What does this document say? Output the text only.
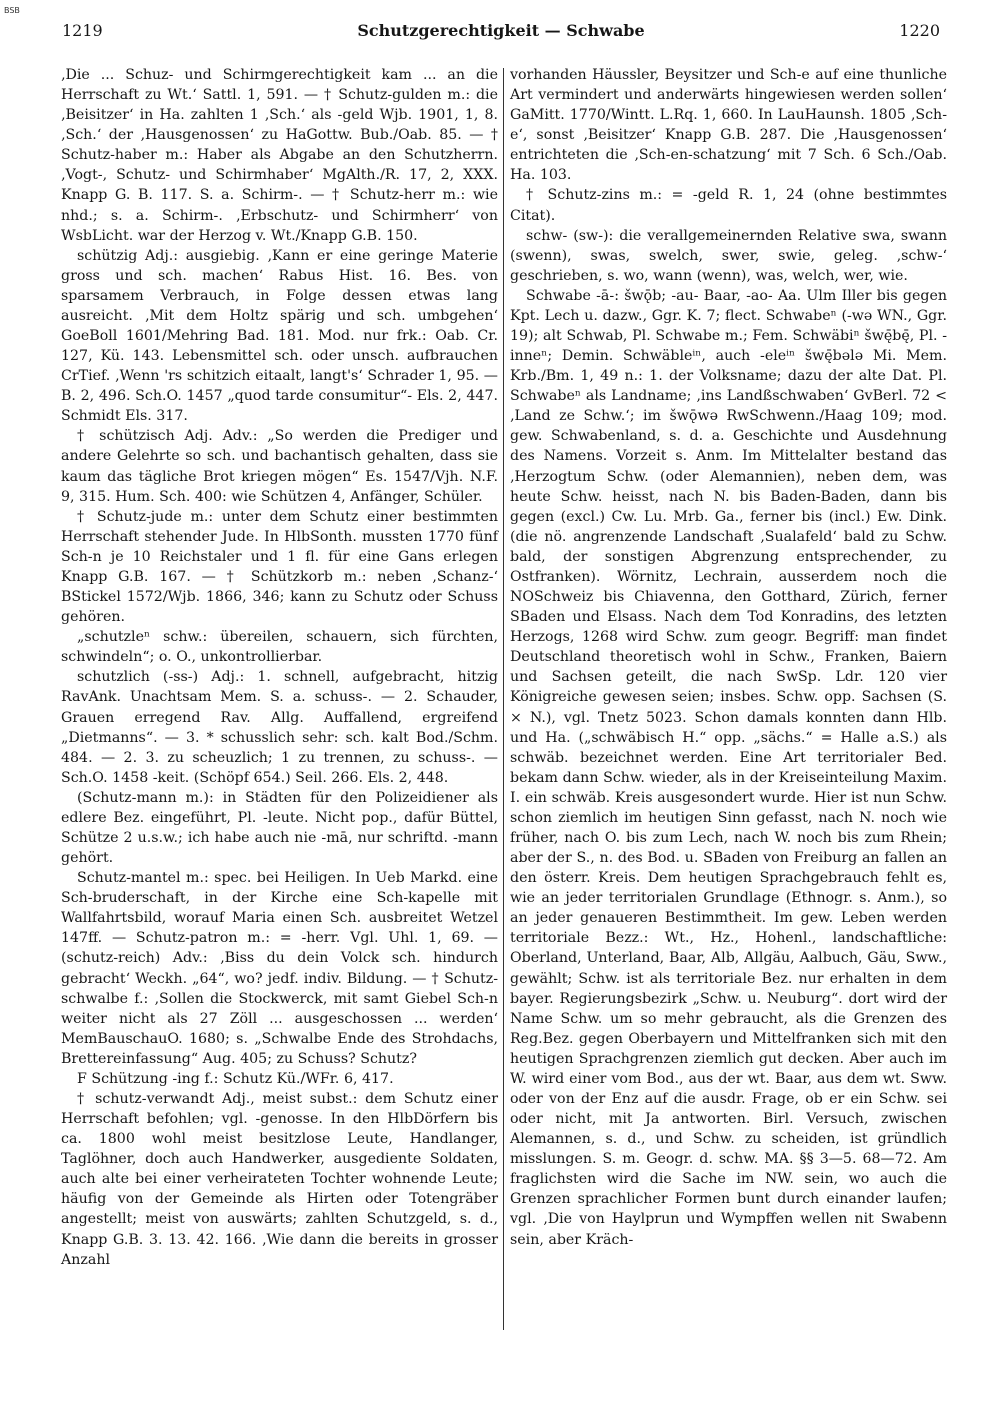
BSB
1219	Schutzgerechtigkeit — Schwabe	1220

‚Die ... Schuz- und Schirmgerechtigkeit kam ... an die Herrschaft zu Wt.‘ Sattl. 1, 591. — † Schutz-gulden m.: die ‚Beisitzer‘ in Ha. zahlten 1 ‚Sch.‘ als -geld Wjb. 1901, 1, 8. ‚Sch.‘ der ‚Hausgenossen‘ zu HaGottw. Bub./Oab. 85. — † Schutz-haber m.: Haber als Abgabe an den Schutzherrn. ‚Vogt-, Schutz- und Schirmhaber‘ MgAlth./R. 17, 2, XXX. Knapp G. B. 117. S. a. Schirm-. — † Schutz-herr m.: wie nhd.; s. a. Schirm-. ‚Erbschutz- und Schirmherr‘ von WsbLicht. war der Herzog v. Wt./Knapp G.B. 150.

schützig Adj.: ausgiebig. ‚Kann er eine geringe Materie gross und sch. machen‘ Rabus Hist. 16. Bes. von sparsamem Verbrauch, in Folge dessen etwas lang ausreicht. ‚Mit dem Holtz spärig und sch. umbgehen‘ GoeBoll 1601/Mehring Bad. 181. Mod. nur frk.: Oab. Cr. 127, Kü. 143. Lebensmittel sch. oder unsch. aufbrauchen CrTief. ‚Wenn 'rs schitzich eitaalt, langt's‘ Schrader 1, 95. — B. 2, 496. Sch.O. 1457 „quod tarde consumitur“- Els. 2, 447. Schmidt Els. 317.

† schützisch Adj. Adv.: „So werden die Prediger und andere Gelehrte so sch. und bachantisch gehalten, dass sie kaum das tägliche Brot kriegen mögen“ Es. 1547/Vjh. N.F. 9, 315. Hum. Sch. 400: wie Schützen 4, Anfänger, Schüler.

† Schutz-jude m.: unter dem Schutz einer bestimmten Herrschaft stehender Jude. In HlbSonth. mussten 1770 fünf Sch-n je 10 Reichstaler und 1 fl. für eine Gans erlegen Knapp G.B. 167. — † Schützkorb m.: neben ‚Schanz-‘ BStickel 1572/Wjb. 1866, 346; kann zu Schutz oder Schuss gehören.

„schutzleⁿ schw.: übereilen, schauern, sich fürchten, schwindeln“; o. O., unkontrollierbar.

schutzlich (-ss-) Adj.: 1. schnell, aufgebracht, hitzig RavAnk. Unachtsam Mem. S. a. schuss-. — 2. Schauder, Grauen erregend Rav. Allg. Auffallend, ergreifend „Dietmanns“. — 3. * schusslich sehr: sch. kalt Bod./Schm. 484. — 2. 3. zu scheuzlich; 1 zu trennen, zu schuss-. — Sch.O. 1458 -keit. (Schöpf 654.) Seil. 266. Els. 2, 448.

(Schutz-mann m.): in Städten für den Polizeidiener als edlere Bez. eingeführt, Pl. -leute. Nicht pop., dafür Büttel, Schütze 2 u.s.w.; ich habe auch nie -mā, nur schriftd. -mann gehört.

Schutz-mantel m.: spec. bei Heiligen. In Ueb Markd. eine Sch-bruderschaft, in der Kirche eine Sch-kapelle mit Wallfahrtsbild, worauf Maria einen Sch. ausbreitet Wetzel 147ff. — Schutz-patron m.: = -herr. Vgl. Uhl. 1, 69. — (schutz-reich) Adv.: ‚Biss du dein Volck sch. hindurch gebracht‘ Weckh. „64“, wo? jedf. indiv. Bildung. — † Schutz-schwalbe f.: ‚Sollen die Stockwerck, mit samt Giebel Sch-n weiter nicht als 27 Zöll ... ausgeschossen ... werden‘ MemBauschauO. 1680; s. „Schwalbe Ende des Strohdachs, Brettereinfassung“ Aug. 405; zu Schuss? Schutz?

F Schützung -ing f.: Schutz Kü./WFr. 6, 417.

† schutz-verwandt Adj., meist subst.: dem Schutz einer Herrschaft befohlen; vgl. -genosse. In den HlbDörfern bis ca. 1800 wohl meist besitzlose Leute, Handlanger, Taglöhner, doch auch Handwerker, ausgediente Soldaten, auch alte bei einer verheirateten Tochter wohnende Leute; häufig von der Gemeinde als Hirten oder Totengräber angestellt; meist von auswärts; zahlten Schutzgeld, s. d., Knapp G.B. 3. 13. 42. 166. ‚Wie dann die bereits in grosser Anzahl

vorhanden Häussler, Beysitzer und Sch-e auf eine thunliche Art vermindert und anderwärts hingewiesen werden sollen‘ GaMitt. 1770/Wintt. L.Rq. 1, 660. In LauHaunsh. 1805 ‚Sch-e‘, sonst ‚Beisitzer‘ Knapp G.B. 287. Die ‚Hausgenossen‘ entrichteten die ‚Sch-en-schatzung‘ mit 7 Sch. 6 Sch./Oab. Ha. 103.

† Schutz-zins m.: = -geld R. 1, 24 (ohne bestimmtes Citat).

schw- (sw-): die verallgemeinernden Relative swa, swann (swenn), swas, swelch, swer, swie, geleg. ‚schw-‘ geschrieben, s. wo, wann (wenn), was, welch, wer, wie.

Schwabe -ā-: šwǭb; -au- Baar, -ao- Aa. Ulm Iller bis gegen Kpt. Lech u. dazw., Ggr. K. 7; flect. Schwabeⁿ (-wə WN., Ggr. 19); alt Schwab, Pl. Schwabe m.; Fem. Schwäbiⁿ šwę̄bę̄, Pl. -inneⁿ; Demin. Schwäbleⁱⁿ, auch -eleⁱⁿ šwę̄bələ Mi. Mem. Krb./Bm. 1, 49 n.: 1. der Volksname; dazu der alte Dat. Pl. Schwabeⁿ als Landname; ‚ins Landßschwaben‘ GvBerl. 72 < ‚Land ze Schw.‘; im šwǭwə RwSchwenn./Haag 109; mod. gew. Schwabenland, s. d. a. Geschichte und Ausdehnung des Namens. Vorzeit s. Anm. Im Mittelalter bestand das ‚Herzogtum Schw. (oder Alemannien), neben dem, was heute Schw. heisst, nach N. bis Baden-Baden, dann bis gegen (excl.) Cw. Lu. Mrb. Ga., ferner bis (incl.) Ew. Dink. (die nö. angrenzende Landschaft ‚Sualafeld‘ bald zu Schw. bald, der sonstigen Abgrenzung entsprechender, zu Ostfranken). Wörnitz, Lechrain, ausserdem noch die NOSchweiz bis Chiavenna, den Gotthard, Zürich, ferner SBaden und Elsass. Nach dem Tod Konradins, des letzten Herzogs, 1268 wird Schw. zum geogr. Begriff: man findet Deutschland theoretisch wohl in Schw., Franken, Baiern und Sachsen geteilt, die nach SwSp. Ldr. 120 vier Königreiche gewesen seien; insbes. Schw. opp. Sachsen (S. × N.), vgl. Tnetz 5023. Schon damals konnten dann Hlb. und Ha. („schwäbisch H.“ opp. „sächs.“ = Halle a.S.) als schwäb. bezeichnet werden. Eine Art territorialer Bed. bekam dann Schw. wieder, als in der Kreiseinteilung Maxim. I. ein schwäb. Kreis ausgesondert wurde. Hier ist nun Schw. schon ziemlich im heutigen Sinn gefasst, nach N. noch wie früher, nach O. bis zum Lech, nach W. noch bis zum Rhein; aber der S., n. des Bod. u. SBaden von Freiburg an fallen an den österr. Kreis. Dem heutigen Sprachgebrauch fehlt es, wie an jeder territorialen Grundlage (Ethnogr. s. Anm.), so an jeder genaueren Bestimmtheit. Im gew. Leben werden territoriale Bezz.: Wt., Hz., Hohenl., landschaftliche: Oberland, Unterland, Baar, Alb, Allgäu, Aalbuch, Gäu, Sww., gewählt; Schw. ist als territoriale Bez. nur erhalten in dem bayer. Regierungsbezirk „Schw. u. Neuburg“. dort wird der Name Schw. um so mehr gebraucht, als die Grenzen des Reg.Bez. gegen Oberbayern und Mittelfranken sich mit den heutigen Sprachgrenzen ziemlich gut decken. Aber auch im W. wird einer vom Bod., aus der wt. Baar, aus dem wt. Sww. oder von der Enz auf die ausdr. Frage, ob er ein Schw. sei oder nicht, mit Ja antworten. Birl. Versuch, zwischen Alemannen, s. d., und Schw. zu scheiden, ist gründlich misslungen. S. m. Geogr. d. schw. MA. §§ 3—5. 68—72. Am fraglichsten wird die Sache im NW. sein, wo auch die Grenzen sprachlicher Formen bunt durch einander laufen; vgl. ‚Die von Haylprun und Wympffen wellen nit Swabenn sein, aber Kräch-
